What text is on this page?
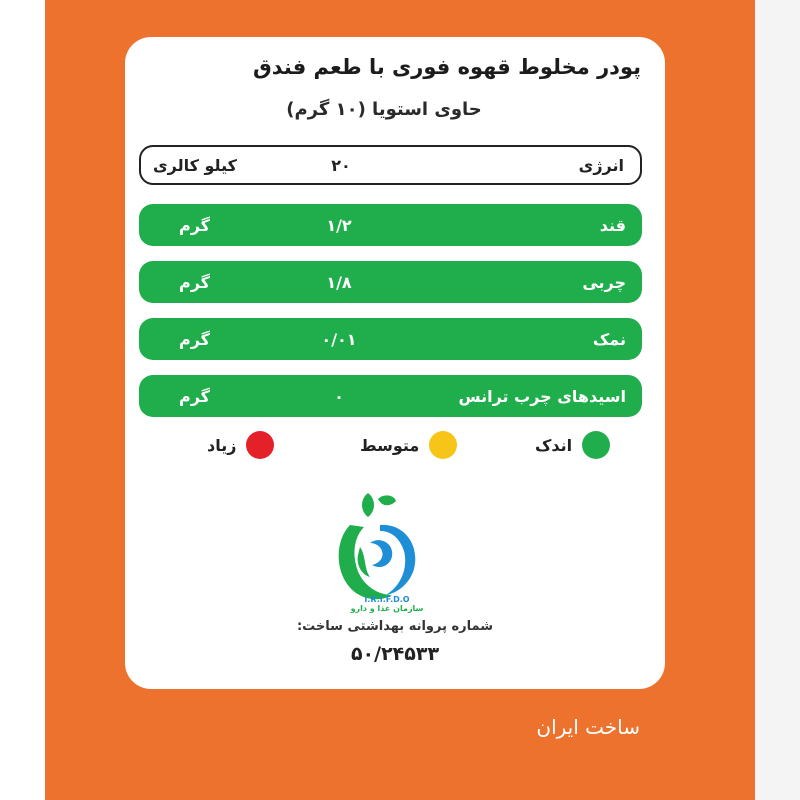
پودر مخلوط قهوه فوری با طعم فندق
حاوی استویا (۱۰ گرم)
انرژی
۲۰
کیلو کالری
قند
۱/۲
گرم
چربی
۱/۸
گرم
نمک
۰/۰۱
گرم
اسیدهای چرب ترانس
۰
گرم
اندک
متوسط
زیاد
I.R.I.F.D.O
سازمان غذا و دارو
شماره پروانه بهداشتی ساخت:
۵۰/۲۴۵۳۳
ساخت ایران
